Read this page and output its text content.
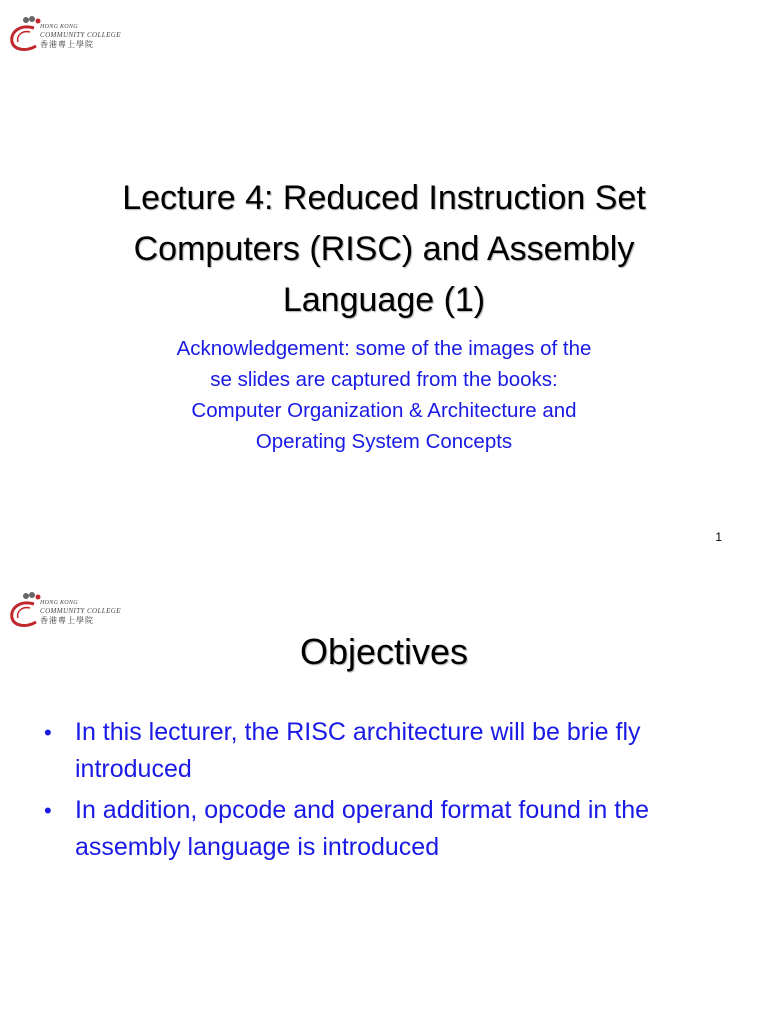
HONG KONG
COMMUNITY COLLEGE
香港專上學院
Lecture 4: Reduced Instruction Set
Computers (RISC) and Assembly
Language (1)
Acknowledgement: some of the images of the
se slides are captured from the books:
Computer Organization & Architecture and
Operating System Concepts
1
HONG KONG
COMMUNITY COLLEGE
香港專上學院
Objectives
• In this lecturer, the RISC architecture will be brie fly introduced
• In addition, opcode and operand format found in the assembly language is introduced
